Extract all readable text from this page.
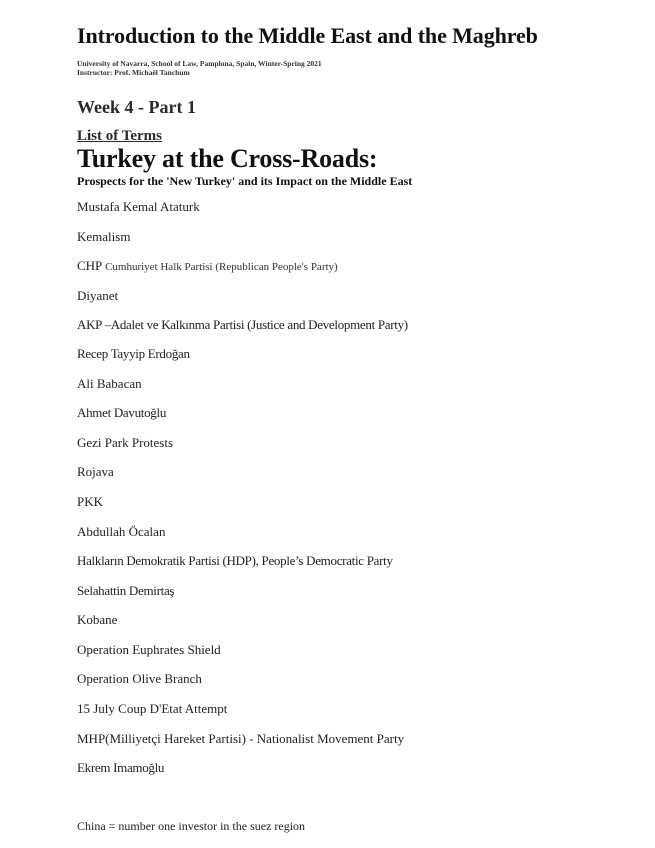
Introduction to the Middle East and the Maghreb
University of Navarra, School of Law, Pamplona, Spain, Winter-Spring 2021
Instructor: Prof. Michaël Tanchum
Week 4 - Part 1
List of Terms
Turkey at the Cross-Roads:
Prospects for the 'New Turkey' and its Impact on the Middle East
Mustafa Kemal Ataturk
Kemalism
CHP Cumhuriyet Halk Partisi (Republican People's Party)
Diyanet
AKP –Adalet ve Kalkınma Partisi (Justice and Development Party)
Recep Tayyip Erdoğan
Ali Babacan
Ahmet Davutoğlu
Gezi Park Protests
Rojava
PKK
Abdullah Öcalan
Halkların Demokratik Partisi (HDP), People’s Democratic Party
Selahattin Demirtaş
Kobane
Operation Euphrates Shield
Operation Olive Branch
15 July Coup D'Etat Attempt
MHP(Milliyetçi Hareket Partisi) - Nationalist Movement Party
Ekrem Imamoğlu
China = number one investor in the suez region
